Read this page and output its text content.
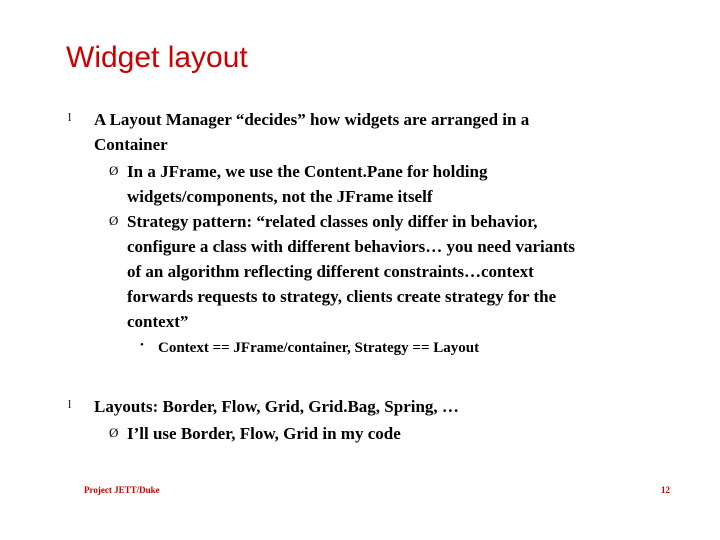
Widget layout
l A Layout Manager “decides” how widgets are arranged in a
Container
Ø In a JFrame, we use the Content.Pane for holding
widgets/components, not the JFrame itself
Ø Strategy pattern: “related classes only differ in behavior,
configure a class with different behaviors… you need variants
of an algorithm reflecting different constraints…context
forwards requests to strategy, clients create strategy for the
context”
• Context == JFrame/container, Strategy == Layout
l Layouts: Border, Flow, Grid, Grid.Bag, Spring, …
Ø I’ll use Border, Flow, Grid in my code
Project JETT/Duke	12
